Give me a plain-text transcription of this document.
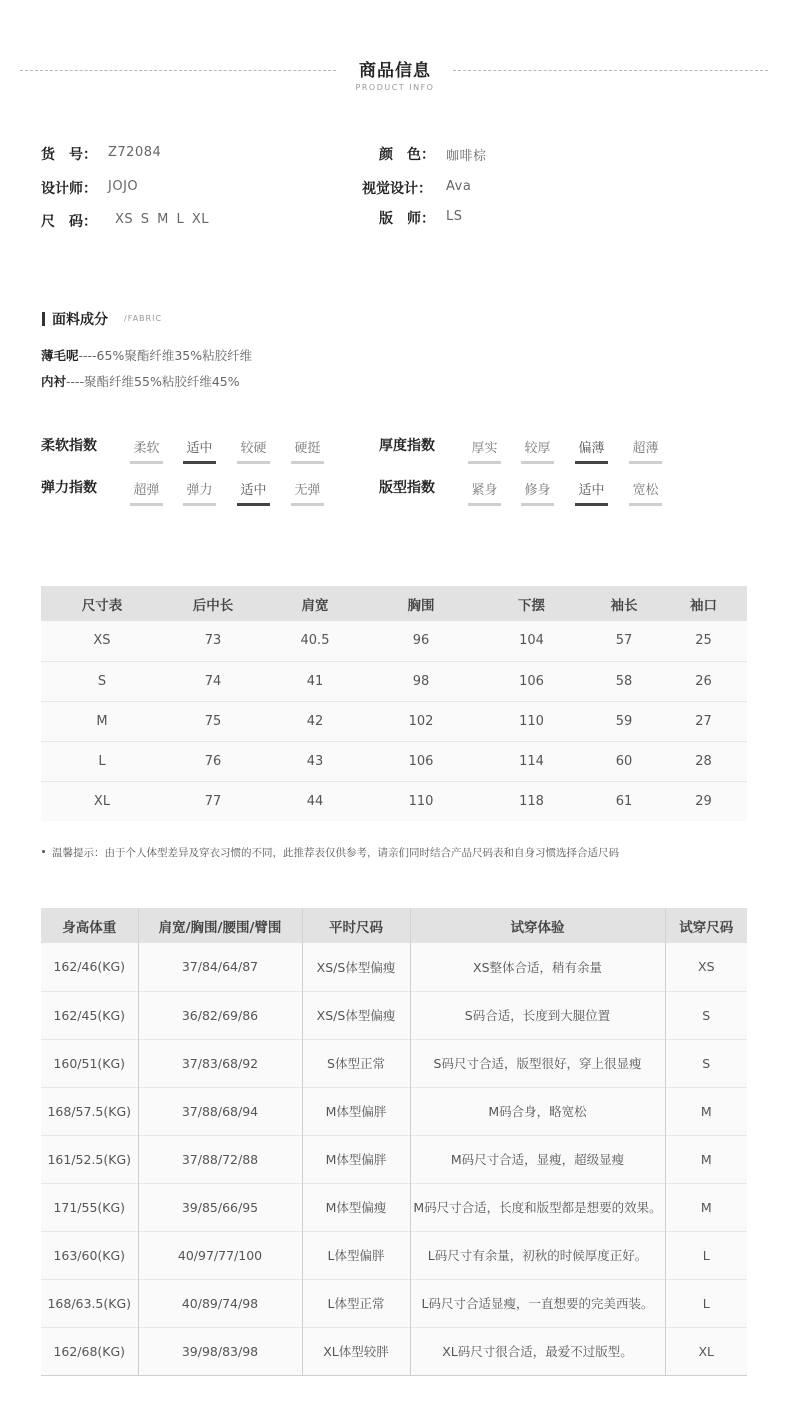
商品信息
PRODUCT INFO
货　号： Z72084	颜　色： 咖啡棕
设计师： JOJO	视觉设计： Ava
尺　码： XS S M L XL	版　师： LS
面料成分 /FABRIC
薄毛呢----65%聚酯纤维35%粘胶纤维
内衬----聚酯纤维55%粘胶纤维45%
柔软指数	厚度指数
弹力指数	版型指数
柔软 适中 较硬 硬挺	厚实 较厚 偏薄 超薄
超弹 弹力 适中 无弹	紧身 修身 适中 宽松
尺寸表	后中长	肩宽	胸围	下摆	袖长	袖口
XS	73	40.5	96	104	57	25
S	74	41	98	106	58	26
M	75	42	102	110	59	27
L	76	43	106	114	60	28
XL	77	44	110	118	61	29
温馨提示：由于个人体型差异及穿衣习惯的不同，此推荐表仅供参考，请亲们同时结合产品尺码表和自身习惯选择合适尺码
身高体重	肩宽/胸围/腰围/臂围	平时尺码	试穿体验	试穿尺码
162/46(KG)	37/84/64/87	XS/S体型偏瘦	XS整体合适，稍有余量	XS
162/45(KG)	36/82/69/86	XS/S体型偏瘦	S码合适，长度到大腿位置	S
160/51(KG)	37/83/68/92	S体型正常	S码尺寸合适，版型很好，穿上很显瘦	S
168/57.5(KG)	37/88/68/94	M体型偏胖	M码合身，略宽松	M
161/52.5(KG)	37/88/72/88	M体型偏胖	M码尺寸合适，显瘦，超级显瘦	M
171/55(KG)	39/85/66/95	M体型偏瘦	M码尺寸合适，长度和版型都是想要的效果。	M
163/60(KG)	40/97/77/100	L体型偏胖	L码尺寸有余量，初秋的时候厚度正好。	L
168/63.5(KG)	40/89/74/98	L体型正常	L码尺寸合适显瘦，一直想要的完美西装。	L
162/68(KG)	39/98/83/98	XL体型较胖	XL码尺寸很合适，最爱不过版型。	XL
